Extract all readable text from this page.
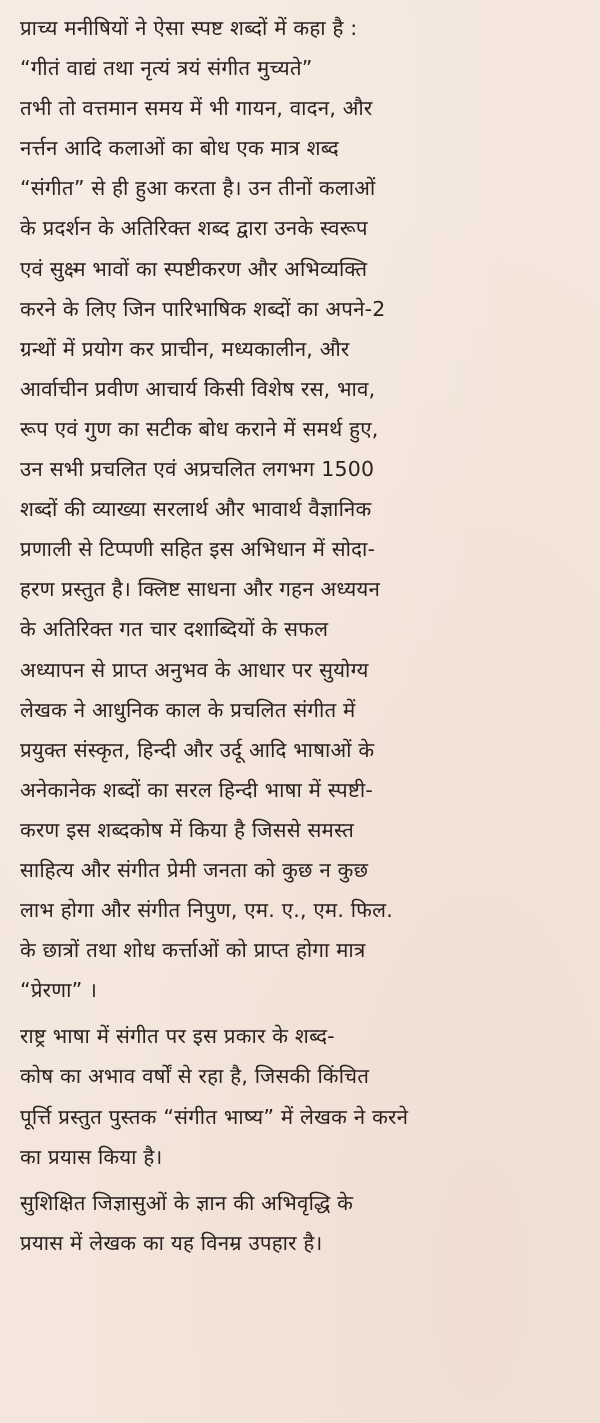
प्राच्य मनीषियों ने ऐसा स्पष्ट शब्दों में कहा है :
“गीतं वाद्यं तथा नृत्यं त्रयं संगीत मुच्यते”
तभी तो वत्तमान समय में भी गायन, वादन, और
नर्त्तन आदि कलाओं का बोध एक मात्र शब्द
“संगीत” से ही हुआ करता है। उन तीनों कलाओं
के प्रदर्शन के अतिरिक्त शब्द द्वारा उनके स्वरूप
एवं सुक्ष्म भावों का स्पष्टीकरण और अभिव्यक्ति
करने के लिए जिन पारिभाषिक शब्दों का अपने-2
ग्रन्थों में प्रयोग कर प्राचीन, मध्यकालीन, और
आर्वाचीन प्रवीण आचार्य किसी विशेष रस, भाव,
रूप एवं गुण का सटीक बोध कराने में समर्थ हुए,
उन सभी प्रचलित एवं अप्रचलित लगभग 1500
शब्दों की व्याख्या सरलार्थ और भावार्थ वैज्ञानिक
प्रणाली से टिप्पणी सहित इस अभिधान में सोदा-
हरण प्रस्तुत है। क्लिष्ट साधना और गहन अध्ययन
के अतिरिक्त गत चार दशाब्दियों के सफल
अध्यापन से प्राप्त अनुभव के आधार पर सुयोग्य
लेखक ने आधुनिक काल के प्रचलित संगीत में
प्रयुक्त संस्कृत, हिन्दी और उर्दू आदि भाषाओं के
अनेकानेक शब्दों का सरल हिन्दी भाषा में स्पष्टी-
करण इस शब्दकोष में किया है जिससे समस्त
साहित्य और संगीत प्रेमी जनता को कुछ न कुछ
लाभ होगा और संगीत निपुण, एम. ए., एम. फिल.
के छात्रों तथा शोध कर्त्ताओं को प्राप्त होगा मात्र
“प्रेरणा” ।
राष्ट्र भाषा में संगीत पर इस प्रकार के शब्द-
कोष का अभाव वर्षों से रहा है, जिसकी किंचित
पूर्त्ति प्रस्तुत पुस्तक “संगीत भाष्य” में लेखक ने करने
का प्रयास किया है।
सुशिक्षित जिज्ञासुओं के ज्ञान की अभिवृद्धि के
प्रयास में लेखक का यह विनम्र उपहार है।
